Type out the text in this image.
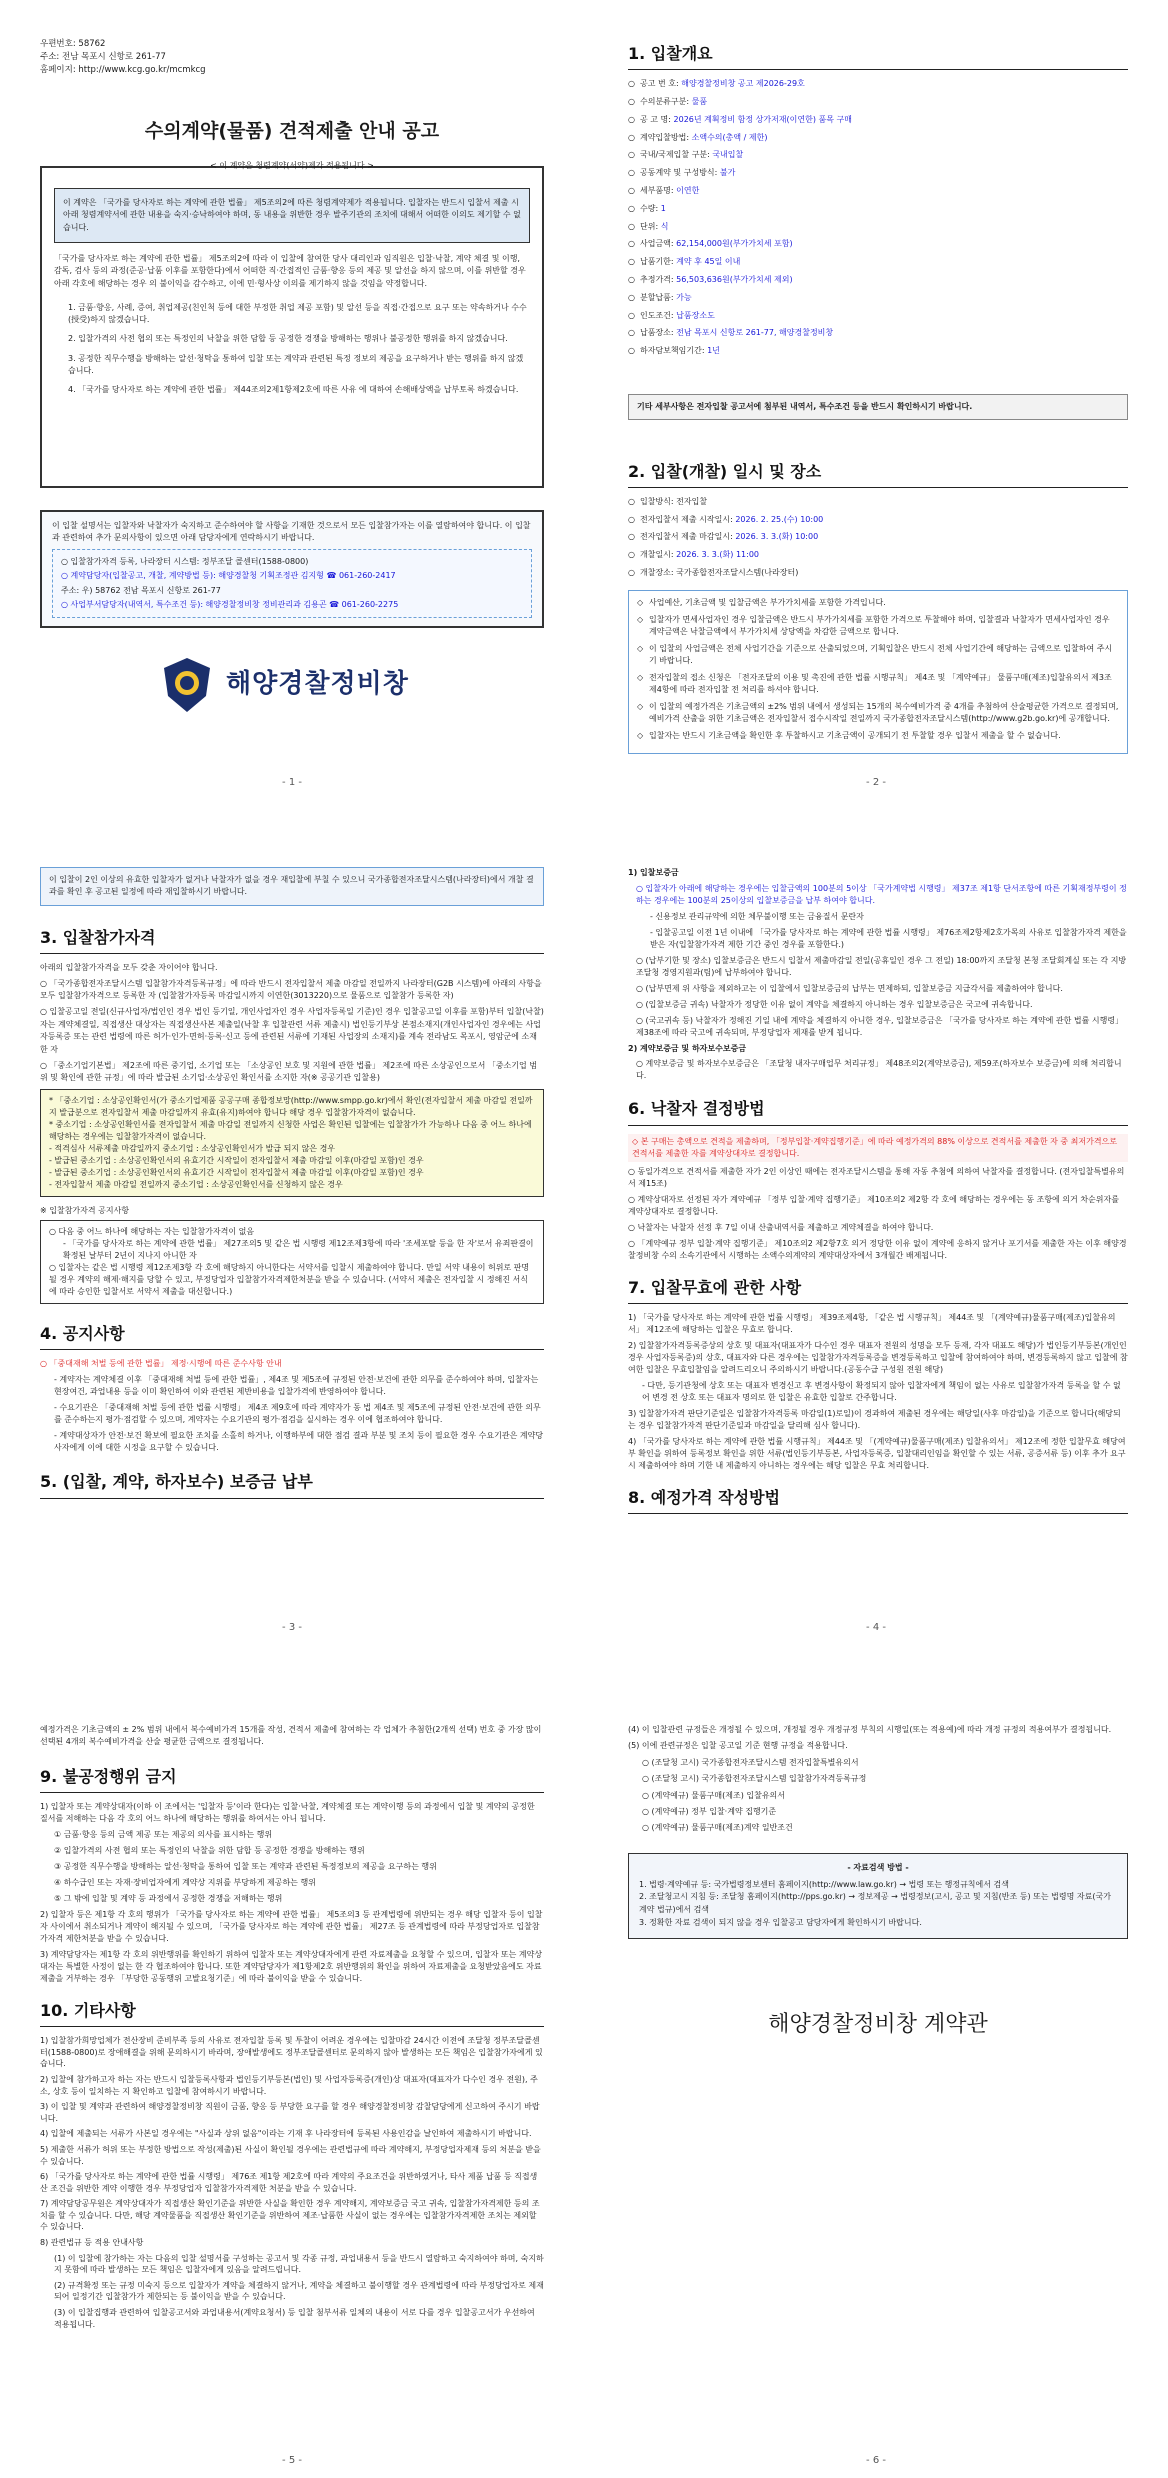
우편번호: 58762
주소: 전남 목포시 신항로 261-77
홈페이지: http://www.kcg.go.kr/mcmkcg
수의계약(물품) 견적제출 안내 공고
< 이 계약은 청렴계약(서약)제가 적용됩니다 >
이 계약은 「국가를 당사자로 하는 계약에 관한 법률」 제5조의2에 따른 청렴계약제가 적용됩니다. 입찰자는 반드시 입찰서 제출 시 아래 청렴계약서에 관한 내용을 숙지·승낙하여야 하며, 동 내용을 위반한 경우 발주기관의 조치에 대해서 어떠한 이의도 제기할 수 없습니다.

「국가를 당사자로 하는 계약에 관한 법률」 제5조의2에 따라 이 입찰에 참여한 당사 대리인과 임직원은 입찰·낙찰, 계약 체결 및 이행, 감독, 검사 등의 과정(준공·납품 이후를 포함한다)에서 어떠한 직·간접적인 금품·향응 등의 제공 및 알선을 하지 않으며, 이를 위반할 경우 아래 각호에 해당하는 경우 의 불이익을 감수하고, 이에 민·형사상 이의를 제기하지 않을 것임을 약정합니다.

1. 금품·향응, 사례, 증여, 취업제공(친인척 등에 대한 부정한 취업 제공 포함) 및 알선 등을 직접·간접으로 요구 또는 약속하거나 수수(授受)하지 않겠습니다.

2. 입찰가격의 사전 협의 또는 특정인의 낙찰을 위한 담합 등 공정한 경쟁을 방해하는 행위나 불공정한 행위를 하지 않겠습니다.

3. 공정한 직무수행을 방해하는 알선·청탁을 통하여 입찰 또는 계약과 관련된 특정 정보의 제공을 요구하거나 받는 행위를 하지 않겠습니다.

4. 「국가를 당사자로 하는 계약에 관한 법률」 제44조의2제1항제2호에 따른 사유 에 대하여 손해배상액을 납부토록 하겠습니다.

이 입찰 설명서는 입찰자와 낙찰자가 숙지하고 준수하여야 할 사항을 기재한 것으로서 모든 입찰참가자는 이를 열람하여야 합니다. 이 입찰과 관련하여 추가 문의사항이 있으면 아래 담당자에게 연락하시기 바랍니다.

○ 입찰참가자격 등록, 나라장터 시스템: 정부조달 콜센터(1588-0800)
○ 계약담당자(입찰공고, 개찰, 계약방법 등): 해양경찰청 기획조정관 김지형 ☎ 061-260-2417
주소: 우) 58762 전남 목포시 신항로 261-77
○ 사업부서담당자(내역서, 특수조건 등): 해양경찰정비창 정비관리과 김용곤 ☎ 061-260-2275
해양경찰정비창
- 1 -
1. 입찰개요
○ 공고 번 호: 해양경찰정비창 공고 제2026-29호
○ 수의분류구분: 물품
○ 공 고 명: 2026년 계획정비 함정 상가저재(이연한) 품목 구매
○ 계약입찰방법: 소액수의(총액 / 제한)
○ 국내/국제입찰 구분: 국내입찰
○ 공동계약 및 구성방식: 불가
○ 세부품명: 이연한
○ 수량: 1
○ 단위: 식
○ 사업금액: 62,154,000원(부가가치세 포함)
○ 납품기한: 계약 후 45일 이내
○ 추정가격: 56,503,636원(부가가치세 제외)
○ 분할납품: 가능
○ 인도조건: 납품장소도
○ 납품장소: 전남 목포시 신항로 261-77, 해양경찰정비창
○ 하자담보책임기간: 1년
기타 세부사항은 전자입찰 공고서에 첨부된 내역서, 특수조건 등을 반드시 확인하시기 바랍니다.
2. 입찰(개찰) 일시 및 장소
○ 입찰방식: 전자입찰
○ 전자입찰서 제출 시작일시: 2026. 2. 25.(수) 10:00
○ 전자입찰서 제출 마감일시: 2026. 3. 3.(화) 10:00
○ 개찰일시: 2026. 3. 3.(화) 11:00
○ 개찰장소: 국가종합전자조달시스템(나라장터)
◇ 사업예산, 기초금액 및 입찰금액은 부가가치세를 포함한 가격입니다.
◇ 입찰자가 면세사업자인 경우 입찰금액은 반드시 부가가치세를 포함한 가격으로 투찰해야 하며, 입찰결과 낙찰자가 면세사업자인 경우 계약금액은 낙찰금액에서 부가가치세 상당액을 차감한 금액으로 합니다.
◇ 이 입찰의 사업금액은 전체 사업기간을 기준으로 산출되었으며, 기획입찰은 반드시 전체 사업기간에 해당하는 금액으로 입찰하여 주시기 바랍니다.
◇ 전자입찰의 접소 신청은 「전자조달의 이용 및 촉진에 관한 법률 시행규칙」 제4조 및 「계약예규」 물품구매(제조)입찰유의서 제3조 제4항에 따라 전자입찰 전 처리를 하셔야 합니다.
◇ 이 입찰의 예정가격은 기초금액의 ±2% 범위 내에서 생성되는 15개의 복수예비가격 중 4개를 추첨하여 산술평균한 가격으로 결정되며, 예비가격 산출을 위한 기초금액은 전자입찰서 접수시작일 전일까지 국가종합전자조달시스템(http://www.g2b.go.kr)에 공개합니다.
◇ 입찰자는 반드시 기초금액을 확인한 후 투찰하시고 기초금액이 공개되기 전 투찰할 경우 입찰서 제출을 할 수 없습니다.
- 2 -
이 입찰이 2인 이상의 유효한 입찰자가 없거나 낙찰자가 없을 경우 재입찰에 부칠 수 있으니 국가종합전자조달시스템(나라장터)에서 개찰 결과를 확인 후 공고된 일정에 따라 재입찰하시기 바랍니다.
3. 입찰참가자격

아래의 입찰참가자격을 모두 갖춘 자이어야 합니다.

○ 「국가종합전자조달시스템 입찰참가자격등록규정」에 따라 반드시 전자입찰서 제출 마감일 전일까지 나라장터(G2B 시스템)에 아래의 사항을 모두 입찰참가자격으로 등록한 자 (입찰참가자등록 마감일시까지 이연한(3013220)으로 물품으로 입찰참가 등록한 자)

○ 입찰공고일 전일(신규사업자/법인인 경우 법인 등기일, 개인사업자인 경우 사업자등록일 기준)인 경우 입찰공고일 이후를 포함)부터 입찰(낙찰)자는 계약체결일, 직접생산 대상자는 직접생산사본 제출일(낙찰 후 입찰관련 서류 제출시) 법인등기부상 본점소재지(개인사업자인 경우에는 사업자등록증 또는 관련 법령에 따른 허가·인가·면허·등록·신고 등에 관련된 서류에 기재된 사업장의 소재지)를 계속 전라남도 목포시, 영암군에 소재한 자

○ 「중소기업기본법」 제2조에 따른 중기업, 소기업 또는 「소상공인 보호 및 지원에 관한 법률」 제2조에 따른 소상공인으로서 「중소기업 범위 및 확인에 관한 규정」에 따라 발급된 소기업·소상공인 확인서를 소지한 자(※ 공공기관 입찰용)

* 「중소기업 : 소상공인확인서(가 중소기업제품 공공구매 종합정보망(http://www.smpp.go.kr)에서 확인(전자입찰서 제출 마감일 전일까지 발급분으로 전자입찰서 제출 마감일까지 유효(유지)하여야 합니다 해당 경우 입찰참가자격이 없습니다.
* 중소기업 : 소상공인확인서를 전자입찰서 제출 마감일 전일까지 신청한 사업은 확인된 입찰에는 입찰참가가 가능하나 다음 중 어느 하나에 해당하는 경우에는 입찰참가자격이 없습니다.
- 적격심사 서류제출 마감일까지 중소기업 : 소상공인확인서가 발급 되지 않은 경우
- 발급된 중소기업 : 소상공인확인서의 유효기간 시작일이 전자입찰서 제출 마감일 이후(마감일 포함)인 경우
- 발급된 중소기업 : 소상공인확인서의 유효기간 시작일이 전자입찰서 제출 마감일 이후(마감일 포함)인 경우
- 전자입찰서 제출 마감일 전일까지 중소기업 : 소상공인확인서를 신청하지 않은 경우

※ 입찰참가자격 공지사항

○ 다음 중 어느 하나에 해당하는 자는 입찰참가자격이 없음
- 「국가를 당사자로 하는 계약에 관한 법률」 제27조의5 및 같은 법 시행령 제12조제3항에 따라 '조세포탈 등을 한 자'로서 유죄판결이 확정된 날부터 2년이 지나지 아니한 자
○ 입찰자는 같은 법 시행령 제12조제3항 각 호에 해당하지 아니한다는 서약서를 입찰시 제출하여야 합니다. 만일 서약 내용이 허위로 판명될 경우 계약의 해제·해지를 당할 수 있고, 부정당업자 입찰참가자격제한처분을 받을 수 있습니다. (서약서 제출은 전자입찰 시 정해진 서식에 따라 승인한 입찰서로 서약서 제출을 대신합니다.)
4. 공지사항

○ 「중대재해 처벌 등에 관한 법률」 제정·시행에 따른 준수사항 안내

- 계약자는 계약체결 이후 「중대재해 처벌 등에 관한 법률」, 제4조 및 제5조에 규정된 안전·보건에 관한 의무를 준수하여야 하며, 입찰자는 현장여건, 과업내용 등을 이미 확인하여 이와 관련된 제반비용을 입찰가격에 반영하여야 합니다.

- 수요기관은 「중대재해 처벌 등에 관한 법률 시행령」 제4조 제9호에 따라 계약자가 동 법 제4조 및 제5조에 규정된 안전·보건에 관한 의무를 준수하는지 평가·점검할 수 있으며, 계약자는 수요기관의 평가·점검을 실시하는 경우 이에 협조하여야 합니다.

- 계약대상자가 안전·보건 확보에 필요한 조치를 소홀히 하거나, 이행하부에 대한 점검 결과 부분 및 조치 등이 필요한 경우 수요기관은 계약당사자에게 이에 대한 시정을 요구할 수 있습니다.

5. (입찰, 계약, 하자보수) 보증금 납부
- 3 -

1) 입찰보증금

○ 입찰자가 아래에 해당하는 경우에는 입찰금액의 100분의 5이상 「국가계약법 시행령」 제37조 제1항 단서조항에 따른 기획재정부령이 정하는 경우에는 100분의 25이상의 입찰보증금을 납부 하여야 합니다.

- 신용정보 관리규약에 의한 체무불이행 또는 금융질서 문란자

- 입찰공고일 이전 1년 이내에 「국가를 당사자로 하는 계약에 관한 법률 시행령」 제76조제2항제2호가목의 사유로 입찰참가자격 제한을 받은 자(입찰참가자격 제한 기간 중인 경우를 포함한다.)

○ (납부기한 및 장소) 입찰보증금은 반드시 입찰서 제출마감일 전일(공휴일인 경우 그 전일) 18:00까지 조달청 본청 조달회계실 또는 각 지방조달청 경영지원과(팀)에 납부하여야 합니다.

○ (납부면제 위 사항을 제외하고는 이 입찰에서 입찰보증금의 납부는 면제하되, 입찰보증금 지급각서를 제출하여야 합니다.

○ (입찰보증금 귀속) 낙찰자가 정당한 이유 없이 계약을 체결하지 아니하는 경우 입찰보증금은 국고에 귀속합니다.

○ (국고귀속 등) 낙찰자가 정해진 기일 내에 계약을 체결하지 아니한 경우, 입찰보증금은 「국가를 당사자로 하는 계약에 관한 법률 시행령」 제38조에 따라 국고에 귀속되며, 부정당업자 제재를 받게 됩니다.

2) 계약보증금 및 하자보수보증금

○ 계약보증금 및 하자보수보증금은 「조달청 내자구매업무 처리규정」 제48조의2(계약보증금), 제59조(하자보수 보증금)에 의해 처리합니다.

6. 낙찰자 결정방법

◇ 본 구매는 총액으로 견적을 제출하며, 「정부입찰·계약집행기준」에 따라 예정가격의 88% 이상으로 견적서를 제출한 자 중 최저가격으로 견적서를 제출한 자를 계약상대자로 결정합니다.

○ 동일가격으로 견적서를 제출한 자가 2인 이상인 때에는 전자조달시스템을 통해 자동 추첨에 의하여 낙찰자를 결정합니다. (전자입찰특별유의서 제15조)

○ 계약상대자로 선정된 자가 계약예규 「정부 입찰·계약 집행기준」 제10조의2 제2항 각 호에 해당하는 경우에는 동 조항에 의거 차순위자를 계약상대자로 결정합니다.

○ 낙찰자는 낙찰자 선정 후 7일 이내 산출내역서를 제출하고 계약체결을 하여야 합니다.

○ 「계약예규 정부 입찰·계약 집행기준」 제10조의2 제2항7호 의거 정당한 이유 없이 계약에 응하지 않거나 포기서를 제출한 자는 이후 해양경찰정비창 수의 소속기관에서 시행하는 소액수의계약의 계약대상자에서 3개월간 배제됩니다.

7. 입찰무효에 관한 사항

1) 「국가를 당사자로 하는 계약에 관한 법률 시행령」 제39조제4항, 「같은 법 시행규칙」 제44조 및 「(계약예규)물품구매(제조)입찰유의서」 제12조에 해당하는 입찰은 무효로 합니다.

2) 입찰참가자격등록증상의 상호 및 대표자(대표자가 다수인 경우 대표자 전원의 성명을 모두 등재, 각자 대표도 해당)가 법인등기부등본(개인인 경우 사업자등록증)의 상호, 대표자와 다른 경우에는 입찰참가자격등록증을 변경등록하고 입찰에 참여하여야 하며, 변경등록하지 않고 입찰에 참여한 입찰은 무효입찰임을 알려드리오니 주의하시기 바랍니다.(공동수급 구성원 전원 해당)

- 다만, 등기관청에 상호 또는 대표자 변경신고 후 변경사항이 확정되지 않아 입찰자에게 책임이 없는 사유로 입찰참가자격 등록을 할 수 없어 변경 전 상호 또는 대표자 명의로 한 입찰은 유효한 입찰로 간주합니다.

3) 입찰참가자격 판단기준일은 입찰참가자격등록 마감일(1)로일)이 경과하여 제출된 경우에는 해당일(사후 마감일)을 기준으로 합니다(해당되는 경우 입찰참가자격 판단기준일과 마감일을 달리해 심사 합니다).

4) 「국가를 당사자로 하는 계약에 관한 법률 시행규칙」 제44조 및 「(계약예규)물품구매(제조) 입찰유의서」 제12조에 정한 입찰무효 해당여부 확인을 위하여 등록정보 확인을 위한 서류(법인등기부등본, 사업자등록증, 입찰대리인임을 확인할 수 있는 서류, 공증서류 등) 이후 추가 요구 시 제출하여야 하며 기한 내 제출하지 아니하는 경우에는 해당 입찰은 무효 처리합니다.

8. 예정가격 작성방법
- 4 -

예정가격은 기초금액의 ± 2% 범위 내에서 복수예비가격 15개를 작성, 견적서 제출에 참여하는 각 업체가 추첨한(2개씩 선택) 번호 중 가장 많이 선택된 4개의 복수예비가격을 산술 평균한 금액으로 결정됩니다.

9. 불공정행위 금지

1) 입찰자 또는 계약상대자(이하 이 조에서는 '입찰자 등'이라 한다)는 입찰·낙찰, 계약체결 또는 계약이행 등의 과정에서 입찰 및 계약의 공정한 질서를 저해하는 다음 각 호의 어느 하나에 해당하는 행위를 하여서는 아니 됩니다.

① 금품·향응 등의 금액 제공 또는 제공의 의사를 표시하는 행위

② 입찰가격의 사전 협의 또는 특정인의 낙찰을 위한 담합 등 공정한 경쟁을 방해하는 행위

③ 공정한 직무수행을 방해하는 알선·청탁을 통하여 입찰 또는 계약과 관련된 특정정보의 제공을 요구하는 행위

④ 하수급인 또는 자재·장비업자에게 계약상 지위를 부당하게 제공하는 행위

⑤ 그 밖에 입찰 및 계약 등 과정에서 공정한 경쟁을 저해하는 행위

2) 입찰자 등은 제1항 각 호의 행위가 「국가를 당사자로 하는 계약에 관한 법률」 제5조의3 등 관계법령에 위반되는 경우 해당 입찰자 등이 입찰자 사이에서 취소되거나 계약이 해지될 수 있으며, 「국가를 당사자로 하는 계약에 관한 법률」 제27조 등 관계법령에 따라 부정당업자로 입찰참가자격 제한처분을 받을 수 있습니다.

3) 계약담당자는 제1항 각 호의 위반행위를 확인하기 위하여 입찰자 또는 계약상대자에게 관련 자료제출을 요청할 수 있으며, 입찰자 또는 계약상대자는 특별한 사정이 없는 한 각 협조하여야 합니다. 또한 계약담당자가 제1항제2호 위반행위의 확인을 위하여 자료제출을 요청받았음에도 자료제출을 거부하는 경우 「부당한 공동행위 고발요청기준」에 따라 불이익을 받을 수 있습니다.

10. 기타사항

1) 입찰참가희망업체가 전산장비 준비부족 등의 사유로 전자입찰 등록 및 투찰이 어려운 경우에는 입찰마감 24시간 이전에 조달청 정부조달콜센터(1588-0800)로 장애해결을 위해 문의하시기 바라며, 장애발생에도 정부조달콜센터로 문의하지 않아 발생하는 모든 책임은 입찰참가자에게 있습니다.

2) 입찰에 참가하고자 하는 자는 반드시 입찰등록사항과 법인등기부등본(법인) 및 사업자등록증(개인)상 대표자(대표자가 다수인 경우 전원), 주소, 상호 등이 일치하는 지 확인하고 입찰에 참여하시기 바랍니다.

3) 이 입찰 및 계약과 관련하여 해양경찰정비창 직원이 금품, 향응 등 부당한 요구를 할 경우 해양경찰정비창 감찰담당에게 신고하여 주시기 바랍니다.

4) 입찰에 제출되는 서류가 사본일 경우에는 "사실과 상위 없음"이라는 기재 후 나라장터에 등록된 사용인감을 날인하여 제출하시기 바랍니다.

5) 제출한 서류가 허위 또는 부정한 방법으로 작성(제출)된 사실이 확인될 경우에는 관련법규에 따라 계약해지, 부정당업자제재 등의 처분을 받을 수 있습니다.

6) 「국가를 당사자로 하는 계약에 관한 법률 시행령」 제76조 제1항 제2호에 따라 계약의 주요조건을 위반하였거나, 타사 제품 납품 등 직접생산 조건을 위반한 계약 이행한 경우 부정당업자 입찰참가자격제한 처분을 받을 수 있습니다.

7) 계약담당공무원은 계약상대자가 직접생산 확인기준을 위반한 사실을 확인한 경우 계약해지, 계약보증금 국고 귀속, 입찰참가자격제한 등의 조치를 할 수 있습니다. 다만, 해당 계약물품을 직접생산 확인기준을 위반하여 제조·납품한 사실이 없는 경우에는 입찰참가자격제한 조치는 제외할 수 있습니다.

8) 관련법규 등 적용 안내사항

(1) 이 입찰에 참가하는 자는 다음의 입찰 설명서를 구성하는 공고서 및 각종 규정, 과업내용서 등을 반드시 열람하고 숙지하여야 하며, 숙지하지 못함에 따라 발생하는 모든 책임은 입찰자에게 있음을 알려드립니다.

(2) 규격확정 또는 규정 미숙지 등으로 입찰자가 계약을 체결하지 않거나, 계약을 체결하고 불이행할 경우 관계법령에 따라 부정당업자로 제재되어 일정기간 입찰참가가 제한되는 등 불이익을 받을 수 있습니다.

(3) 이 입찰집행과 관련하여 입찰공고서와 과업내용서(계약요청서) 등 입찰 첨부서류 일체의 내용이 서로 다를 경우 입찰공고서가 우선하여 적용됩니다.

- 5 -

(4) 이 입찰관련 규정들은 개정될 수 있으며, 개정될 경우 개정규정 부칙의 시행일(또는 적용예)에 따라 개정 규정의 적용여부가 결정됩니다.

(5) 이에 관련규정은 입찰 공고일 기준 현행 규정을 적용합니다.

○ (조달청 고시) 국가종합전자조달시스템 전자입찰특별유의서

○ (조달청 고시) 국가종합전자조달시스템 입찰참가자격등록규정

○ (계약예규) 물품구매(제조) 입찰유의서

○ (계약예규) 정부 입찰·계약 집행기준

○ (계약예규) 물품구매(제조)계약 일반조건

- 자료검색 방법 -
1. 법령·계약예규 등: 국가법령정보센터 홈페이지(http://www.law.go.kr) → 법령 또는 행정규칙에서 검색
2. 조달청고시 지침 등: 조달청 홈페이지(http://pps.go.kr) → 정보제공 → 법령정보(고시, 공고 및 지침(반조 등) 또는 법령명 자료(국가계약 법규)에서 검색
3. 정확한 자료 검색이 되지 않을 경우 입찰공고 담당자에게 확인하시기 바랍니다.
해양경찰정비창 계약관
- 6 -
